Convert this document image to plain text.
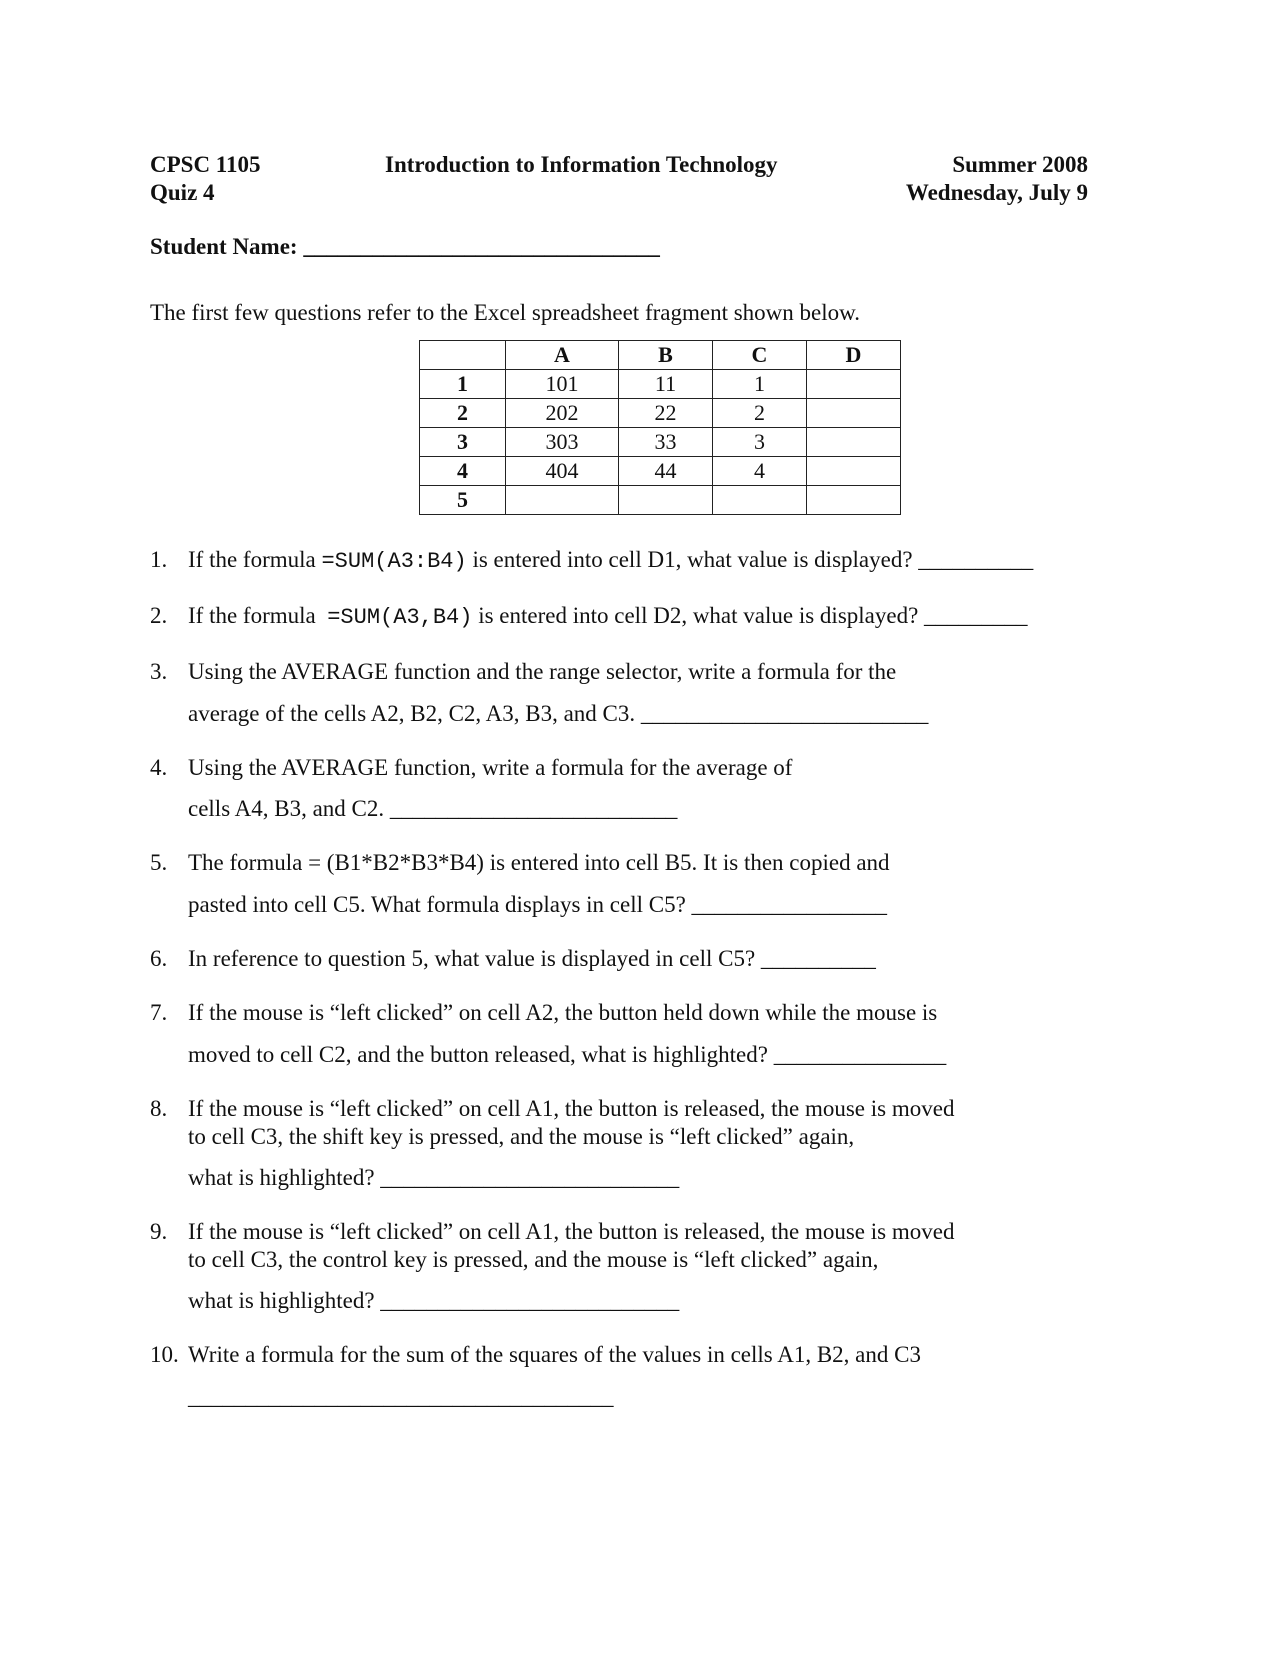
CPSC 1105	Introduction to Information Technology	Summer 2008
Quiz 4	Wednesday, July 9
Student Name: _______________________________
The first few questions refer to the Excel spreadsheet fragment shown below.
	A	B	C	D
1	101	11	1	
2	202	22	2	
3	303	33	3	
4	404	44	4	
5				
1. If the formula =SUM(A3:B4) is entered into cell D1, what value is displayed? __________
2. If the formula  =SUM(A3,B4) is entered into cell D2, what value is displayed? _________
3. Using the AVERAGE function and the range selector, write a formula for the
average of the cells A2, B2, C2, A3, B3, and C3. _________________________
4. Using the AVERAGE function, write a formula for the average of
cells A4, B3, and C2. _________________________
5. The formula = (B1*B2*B3*B4) is entered into cell B5. It is then copied and
pasted into cell C5. What formula displays in cell C5? _________________
6. In reference to question 5, what value is displayed in cell C5? __________
7. If the mouse is “left clicked” on cell A2, the button held down while the mouse is
moved to cell C2, and the button released, what is highlighted? _______________
8. If the mouse is “left clicked” on cell A1, the button is released, the mouse is moved
to cell C3, the shift key is pressed, and the mouse is “left clicked” again,
what is highlighted? __________________________
9. If the mouse is “left clicked” on cell A1, the button is released, the mouse is moved
to cell C3, the control key is pressed, and the mouse is “left clicked” again,
what is highlighted? __________________________
10. Write a formula for the sum of the squares of the values in cells A1, B2, and C3
_____________________________________
